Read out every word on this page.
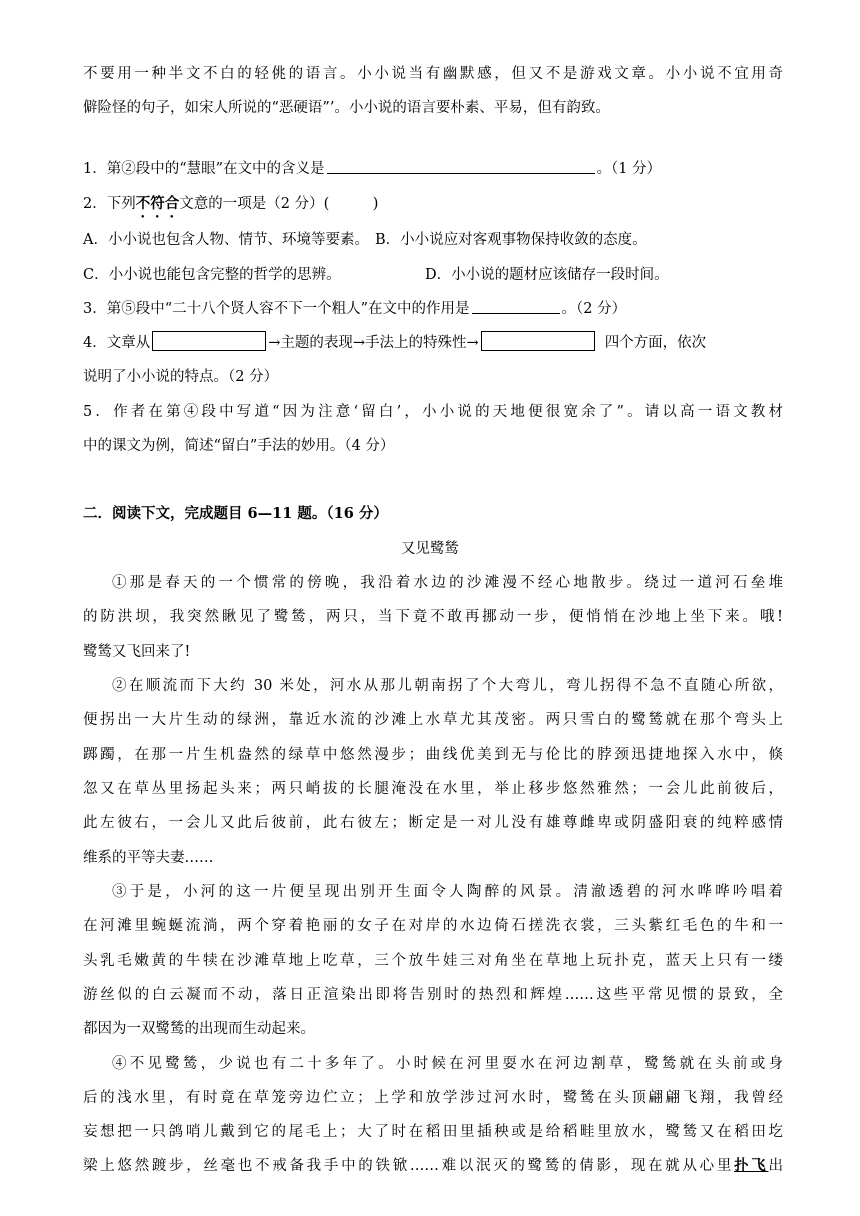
不要用一种半文不白的轻佻的语言。小小说当有幽默感，但又不是游戏文章。小小说不宜用奇
僻险怪的句子，如宋人所说的“恶硬语”’。小小说的语言要朴素、平易，但有韵致。
1．第②段中的“慧眼”在文中的含义是	。（1 分）
2．下列不符合文意的一项是（2 分）(　　　)
A．小小说也包含人物、情节、环境等要素。 B．小小说应对客观事物保持收敛的态度。
C．小小说也能包含完整的哲学的思辨。	D．小小说的题材应该储存一段时间。
3．第⑤段中“二十八个贤人容不下一个粗人”在文中的作用是	。（2 分）
4．文章从	→主题的表现→手法上的特殊性→	四个方面，依次
说明了小小说的特点。（2 分）
5．作者在第④段中写道“因为注意‘留白’，小小说的天地便很宽余了”。请以高一语文教材
中的课文为例，简述“留白”手法的妙用。（4 分）
二．阅读下文，完成题目 6—11 题。（16 分）
又见鹭鸶
①那是春天的一个惯常的傍晚，我沿着水边的沙滩漫不经心地散步。绕过一道河石垒堆
的防洪坝，我突然瞅见了鹭鸶，两只，当下竟不敢再挪动一步，便悄悄在沙地上坐下来。哦!
鹭鸶又飞回来了!
②在顺流而下大约 30 米处，河水从那儿朝南拐了个大弯儿，弯儿拐得不急不直随心所欲，
便拐出一大片生动的绿洲，靠近水流的沙滩上水草尤其茂密。两只雪白的鹭鸶就在那个弯头上
踯躅，在那一片生机盎然的绿草中悠然漫步；曲线优美到无与伦比的脖颈迅捷地探入水中，倏
忽又在草丛里扬起头来；两只峭拔的长腿淹没在水里，举止移步悠然雅然；一会儿此前彼后，
此左彼右，一会儿又此后彼前，此右彼左；断定是一对儿没有雄尊雌卑或阴盛阳衰的纯粹感情
维系的平等夫妻……
③于是，小河的这一片便呈现出别开生面令人陶醉的风景。清澈透碧的河水哗哗吟唱着
在河滩里蜿蜒流淌，两个穿着艳丽的女子在对岸的水边倚石搓洗衣裳，三头紫红毛色的牛和一
头乳毛嫩黄的牛犊在沙滩草地上吃草，三个放牛娃三对角坐在草地上玩扑克，蓝天上只有一缕
游丝似的白云凝而不动，落日正渲染出即将告别时的热烈和辉煌……这些平常见惯的景致，全
都因为一双鹭鸶的出现而生动起来。
④不见鹭鸶，少说也有二十多年了。小时候在河里耍水在河边割草，鹭鸶就在头前或身
后的浅水里，有时竟在草笼旁边伫立；上学和放学涉过河水时，鹭鸶在头顶翩翩飞翔，我曾经
妄想把一只鸽哨儿戴到它的尾毛上；大了时在稻田里插秧或是给稻畦里放水，鹭鸶又在稻田圪
梁上悠然踱步，丝毫也不戒备我手中的铁锨……难以泯灭的鹭鸶的倩影，现在就从心里扑飞出
